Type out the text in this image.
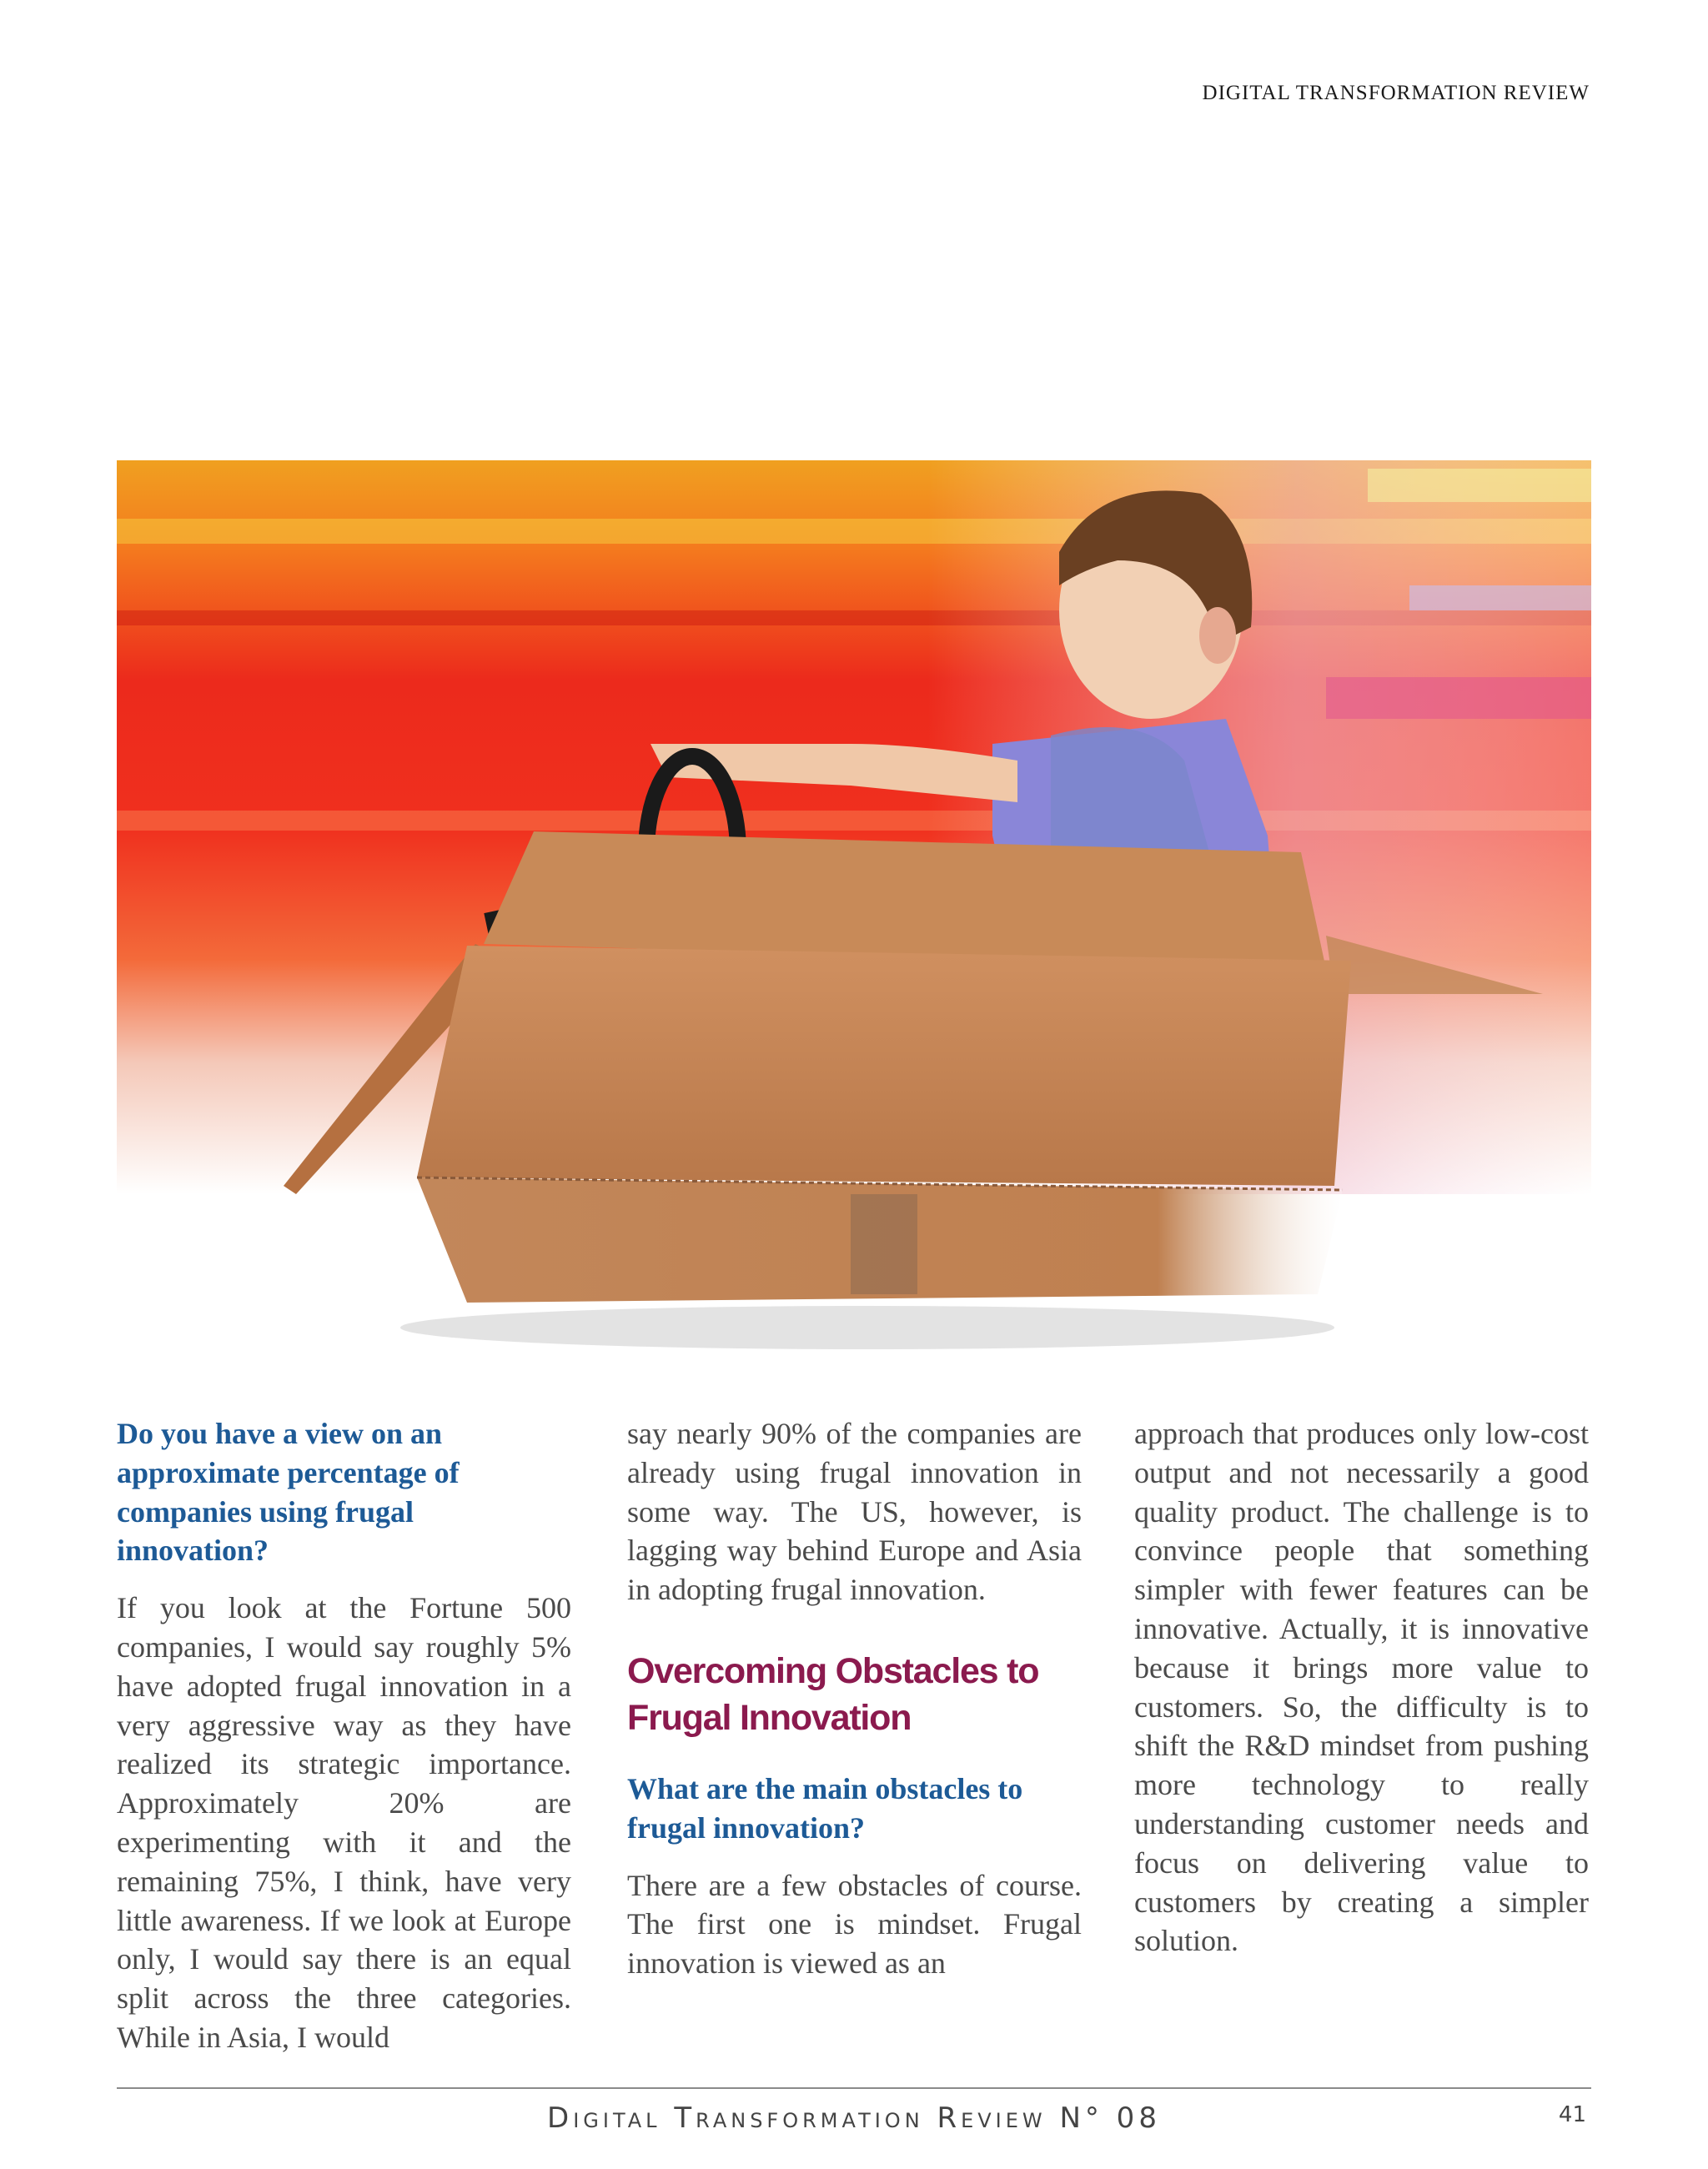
DIGITAL TRANSFORMATION REVIEW

Do you have a view on an approximate percentage of companies using frugal innovation?

If you look at the Fortune 500 companies, I would say roughly 5% have adopted frugal innovation in a very aggressive way as they have realized its strategic importance. Approximately 20% are experimenting with it and the remaining 75%, I think, have very little awareness. If we look at Europe only, I would say there is an equal split across the three categories. While in Asia, I would

say nearly 90% of the companies are already using frugal innovation in some way. The US, however, is lagging way behind Europe and Asia in adopting frugal innovation.

Overcoming Obstacles to Frugal Innovation

What are the main obstacles to frugal innovation?

There are a few obstacles of course. The first one is mindset. Frugal innovation is viewed as an

approach that produces only low-cost output and not necessarily a good quality product. The challenge is to convince people that something simpler with fewer features can be innovative. Actually, it is innovative because it brings more value to customers. So, the difficulty is to shift the R&D mindset from pushing more technology to really understanding customer needs and focus on delivering value to customers by creating a simpler solution.

Digital Transformation Review N° 08	41
